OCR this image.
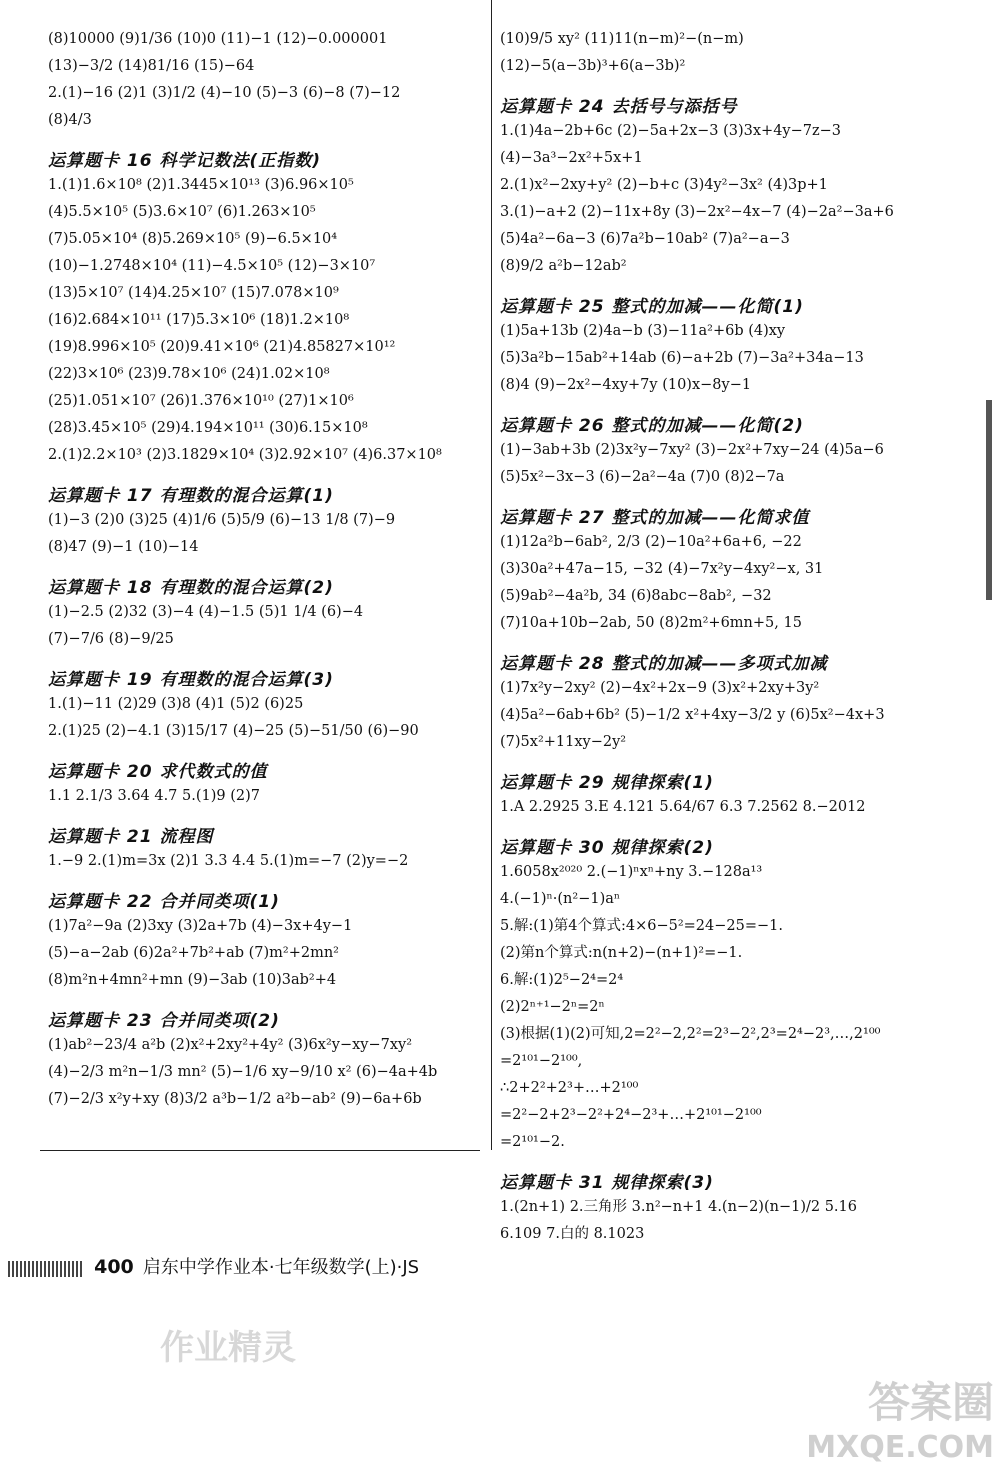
(8)10000 (9)1/36 (10)0 (11)−1 (12)−0.000001
(13)−3/2 (14)81/16 (15)−64
2.(1)−16 (2)1 (3)1/2 (4)−10 (5)−3 (6)−8 (7)−12
(8)4/3
运算题卡 16 科学记数法(正指数)
1.(1)1.6×10⁸ (2)1.3445×10¹³ (3)6.96×10⁵
(4)5.5×10⁵ (5)3.6×10⁷ (6)1.263×10⁵
(7)5.05×10⁴ (8)5.269×10⁵ (9)−6.5×10⁴
(10)−1.2748×10⁴ (11)−4.5×10⁵ (12)−3×10⁷
(13)5×10⁷ (14)4.25×10⁷ (15)7.078×10⁹
(16)2.684×10¹¹ (17)5.3×10⁶ (18)1.2×10⁸
(19)8.996×10⁵ (20)9.41×10⁶ (21)4.85827×10¹²
(22)3×10⁶ (23)9.78×10⁶ (24)1.02×10⁸
(25)1.051×10⁷ (26)1.376×10¹⁰ (27)1×10⁶
(28)3.45×10⁵ (29)4.194×10¹¹ (30)6.15×10⁸
2.(1)2.2×10³ (2)3.1829×10⁴ (3)2.92×10⁷ (4)6.37×10⁸
运算题卡 17 有理数的混合运算(1)
(1)−3 (2)0 (3)25 (4)1/6 (5)5/9 (6)−13 1/8 (7)−9
(8)47 (9)−1 (10)−14
运算题卡 18 有理数的混合运算(2)
(1)−2.5 (2)32 (3)−4 (4)−1.5 (5)1 1/4 (6)−4
(7)−7/6 (8)−9/25
运算题卡 19 有理数的混合运算(3)
1.(1)−11 (2)29 (3)8 (4)1 (5)2 (6)25
2.(1)25 (2)−4.1 (3)15/17 (4)−25 (5)−51/50 (6)−90
运算题卡 20 求代数式的值
1.1 2.1/3 3.64 4.7 5.(1)9 (2)7
运算题卡 21 流程图
1.−9 2.(1)m=3x (2)1 3.3 4.4 5.(1)m=−7 (2)y=−2
运算题卡 22 合并同类项(1)
(1)7a²−9a (2)3xy (3)2a+7b (4)−3x+4y−1
(5)−a−2ab (6)2a²+7b²+ab (7)m²+2mn²
(8)m²n+4mn²+mn (9)−3ab (10)3ab²+4
运算题卡 23 合并同类项(2)
(1)ab²−23/4 a²b (2)x²+2xy²+4y² (3)6x²y−xy−7xy²
(4)−2/3 m²n−1/3 mn² (5)−1/6 xy−9/10 x² (6)−4a+4b
(7)−2/3 x²y+xy (8)3/2 a³b−1/2 a²b−ab² (9)−6a+6b
(10)9/5 xy² (11)11(n−m)²−(n−m)
(12)−5(a−3b)³+6(a−3b)²
运算题卡 24 去括号与添括号
1.(1)4a−2b+6c (2)−5a+2x−3 (3)3x+4y−7z−3
(4)−3a³−2x²+5x+1
2.(1)x²−2xy+y² (2)−b+c (3)4y²−3x² (4)3p+1
3.(1)−a+2 (2)−11x+8y (3)−2x²−4x−7 (4)−2a²−3a+6
(5)4a²−6a−3 (6)7a²b−10ab² (7)a²−a−3
(8)9/2 a²b−12ab²
运算题卡 25 整式的加减——化简(1)
(1)5a+13b (2)4a−b (3)−11a²+6b (4)xy
(5)3a²b−15ab²+14ab (6)−a+2b (7)−3a²+34a−13
(8)4 (9)−2x²−4xy+7y (10)x−8y−1
运算题卡 26 整式的加减——化简(2)
(1)−3ab+3b (2)3x²y−7xy² (3)−2x²+7xy−24 (4)5a−6
(5)5x²−3x−3 (6)−2a²−4a (7)0 (8)2−7a
运算题卡 27 整式的加减——化简求值
(1)12a²b−6ab², 2/3 (2)−10a²+6a+6, −22
(3)30a²+47a−15, −32 (4)−7x²y−4xy²−x, 31
(5)9ab²−4a²b, 34 (6)8abc−8ab², −32
(7)10a+10b−2ab, 50 (8)2m²+6mn+5, 15
运算题卡 28 整式的加减——多项式加减
(1)7x²y−2xy² (2)−4x²+2x−9 (3)x²+2xy+3y²
(4)5a²−6ab+6b² (5)−1/2 x²+4xy−3/2 y (6)5x²−4x+3
(7)5x²+11xy−2y²
运算题卡 29 规律探索(1)
1.A 2.2925 3.E 4.121 5.64/67 6.3 7.2562 8.−2012
运算题卡 30 规律探索(2)
1.6058x²⁰²⁰ 2.(−1)ⁿxⁿ+ny 3.−128a¹³
4.(−1)ⁿ·(n²−1)aⁿ
5.解:(1)第4个算式:4×6−5²=24−25=−1.
(2)第n个算式:n(n+2)−(n+1)²=−1.
6.解:(1)2⁵−2⁴=2⁴
(2)2ⁿ⁺¹−2ⁿ=2ⁿ
(3)根据(1)(2)可知,2=2²−2,2²=2³−2²,2³=2⁴−2³,…,2¹⁰⁰
=2¹⁰¹−2¹⁰⁰,
∴2+2²+2³+…+2¹⁰⁰
=2²−2+2³−2²+2⁴−2³+…+2¹⁰¹−2¹⁰⁰
=2¹⁰¹−2.
运算题卡 31 规律探索(3)
1.(2n+1) 2.三角形 3.n²−n+1 4.(n−2)(n−1)/2 5.16
6.109 7.白的 8.1023
400 启东中学作业本·七年级数学(上)·JS
作业精灵
答案圈
MXQE.COM
